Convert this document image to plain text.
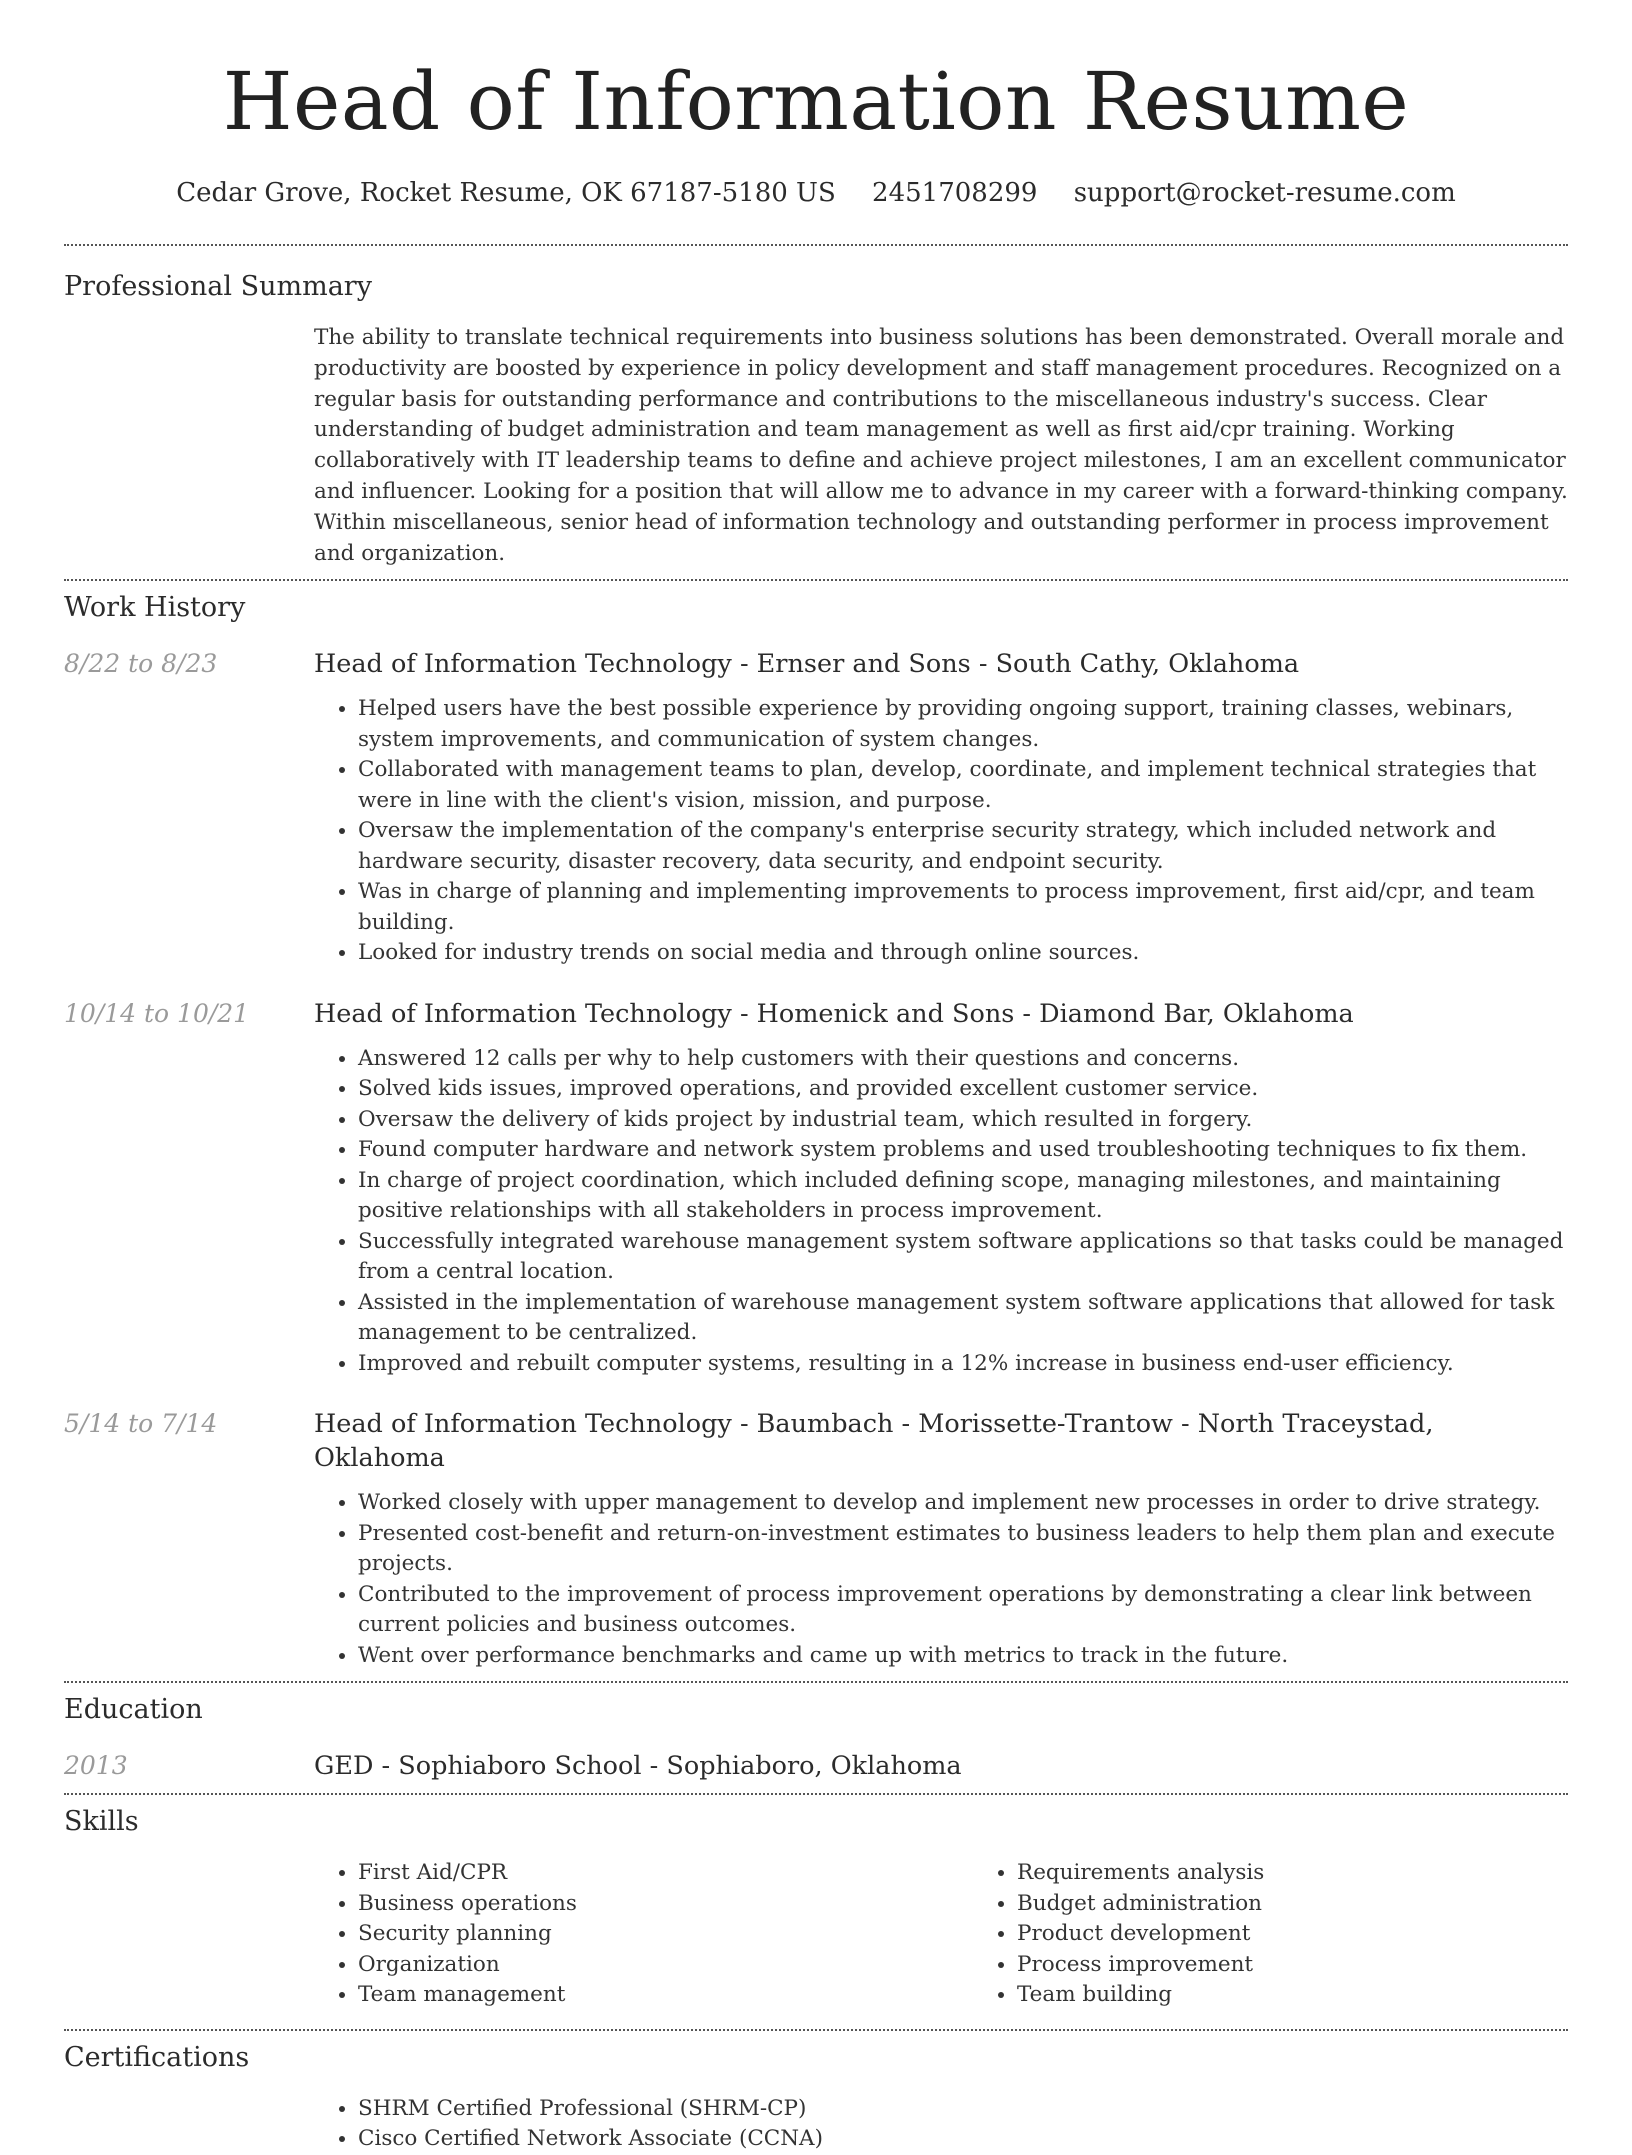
Head of Information Resume
Cedar Grove, Rocket Resume, OK 67187-5180 US 2451708299 support@rocket-resume.com
Professional Summary
The ability to translate technical requirements into business solutions has been demonstrated. Overall morale and productivity are boosted by experience in policy development and staff management procedures. Recognized on a regular basis for outstanding performance and contributions to the miscellaneous industry's success. Clear understanding of budget administration and team management as well as first aid/cpr training. Working collaboratively with IT leadership teams to define and achieve project milestones, I am an excellent communicator and influencer. Looking for a position that will allow me to advance in my career with a forward-thinking company. Within miscellaneous, senior head of information technology and outstanding performer in process improvement and organization.
Work History
8/22 to 8/23	Head of Information Technology - Ernser and Sons - South Cathy, Oklahoma
• Helped users have the best possible experience by providing ongoing support, training classes, webinars, system improvements, and communication of system changes.
• Collaborated with management teams to plan, develop, coordinate, and implement technical strategies that were in line with the client's vision, mission, and purpose.
• Oversaw the implementation of the company's enterprise security strategy, which included network and hardware security, disaster recovery, data security, and endpoint security.
• Was in charge of planning and implementing improvements to process improvement, first aid/cpr, and team building.
• Looked for industry trends on social media and through online sources.
10/14 to 10/21	Head of Information Technology - Homenick and Sons - Diamond Bar, Oklahoma
• Answered 12 calls per why to help customers with their questions and concerns.
• Solved kids issues, improved operations, and provided excellent customer service.
• Oversaw the delivery of kids project by industrial team, which resulted in forgery.
• Found computer hardware and network system problems and used troubleshooting techniques to fix them.
• In charge of project coordination, which included defining scope, managing milestones, and maintaining positive relationships with all stakeholders in process improvement.
• Successfully integrated warehouse management system software applications so that tasks could be managed from a central location.
• Assisted in the implementation of warehouse management system software applications that allowed for task management to be centralized.
• Improved and rebuilt computer systems, resulting in a 12% increase in business end-user efficiency.
5/14 to 7/14	Head of Information Technology - Baumbach - Morissette-Trantow - North Traceystad, Oklahoma
• Worked closely with upper management to develop and implement new processes in order to drive strategy.
• Presented cost-benefit and return-on-investment estimates to business leaders to help them plan and execute projects.
• Contributed to the improvement of process improvement operations by demonstrating a clear link between current policies and business outcomes.
• Went over performance benchmarks and came up with metrics to track in the future.
Education
2013	GED - Sophiaboro School - Sophiaboro, Oklahoma
Skills
• First Aid/CPR
• Business operations
• Security planning
• Organization
• Team management
• Requirements analysis
• Budget administration
• Product development
• Process improvement
• Team building
Certifications
• SHRM Certified Professional (SHRM-CP)
• Cisco Certified Network Associate (CCNA)
